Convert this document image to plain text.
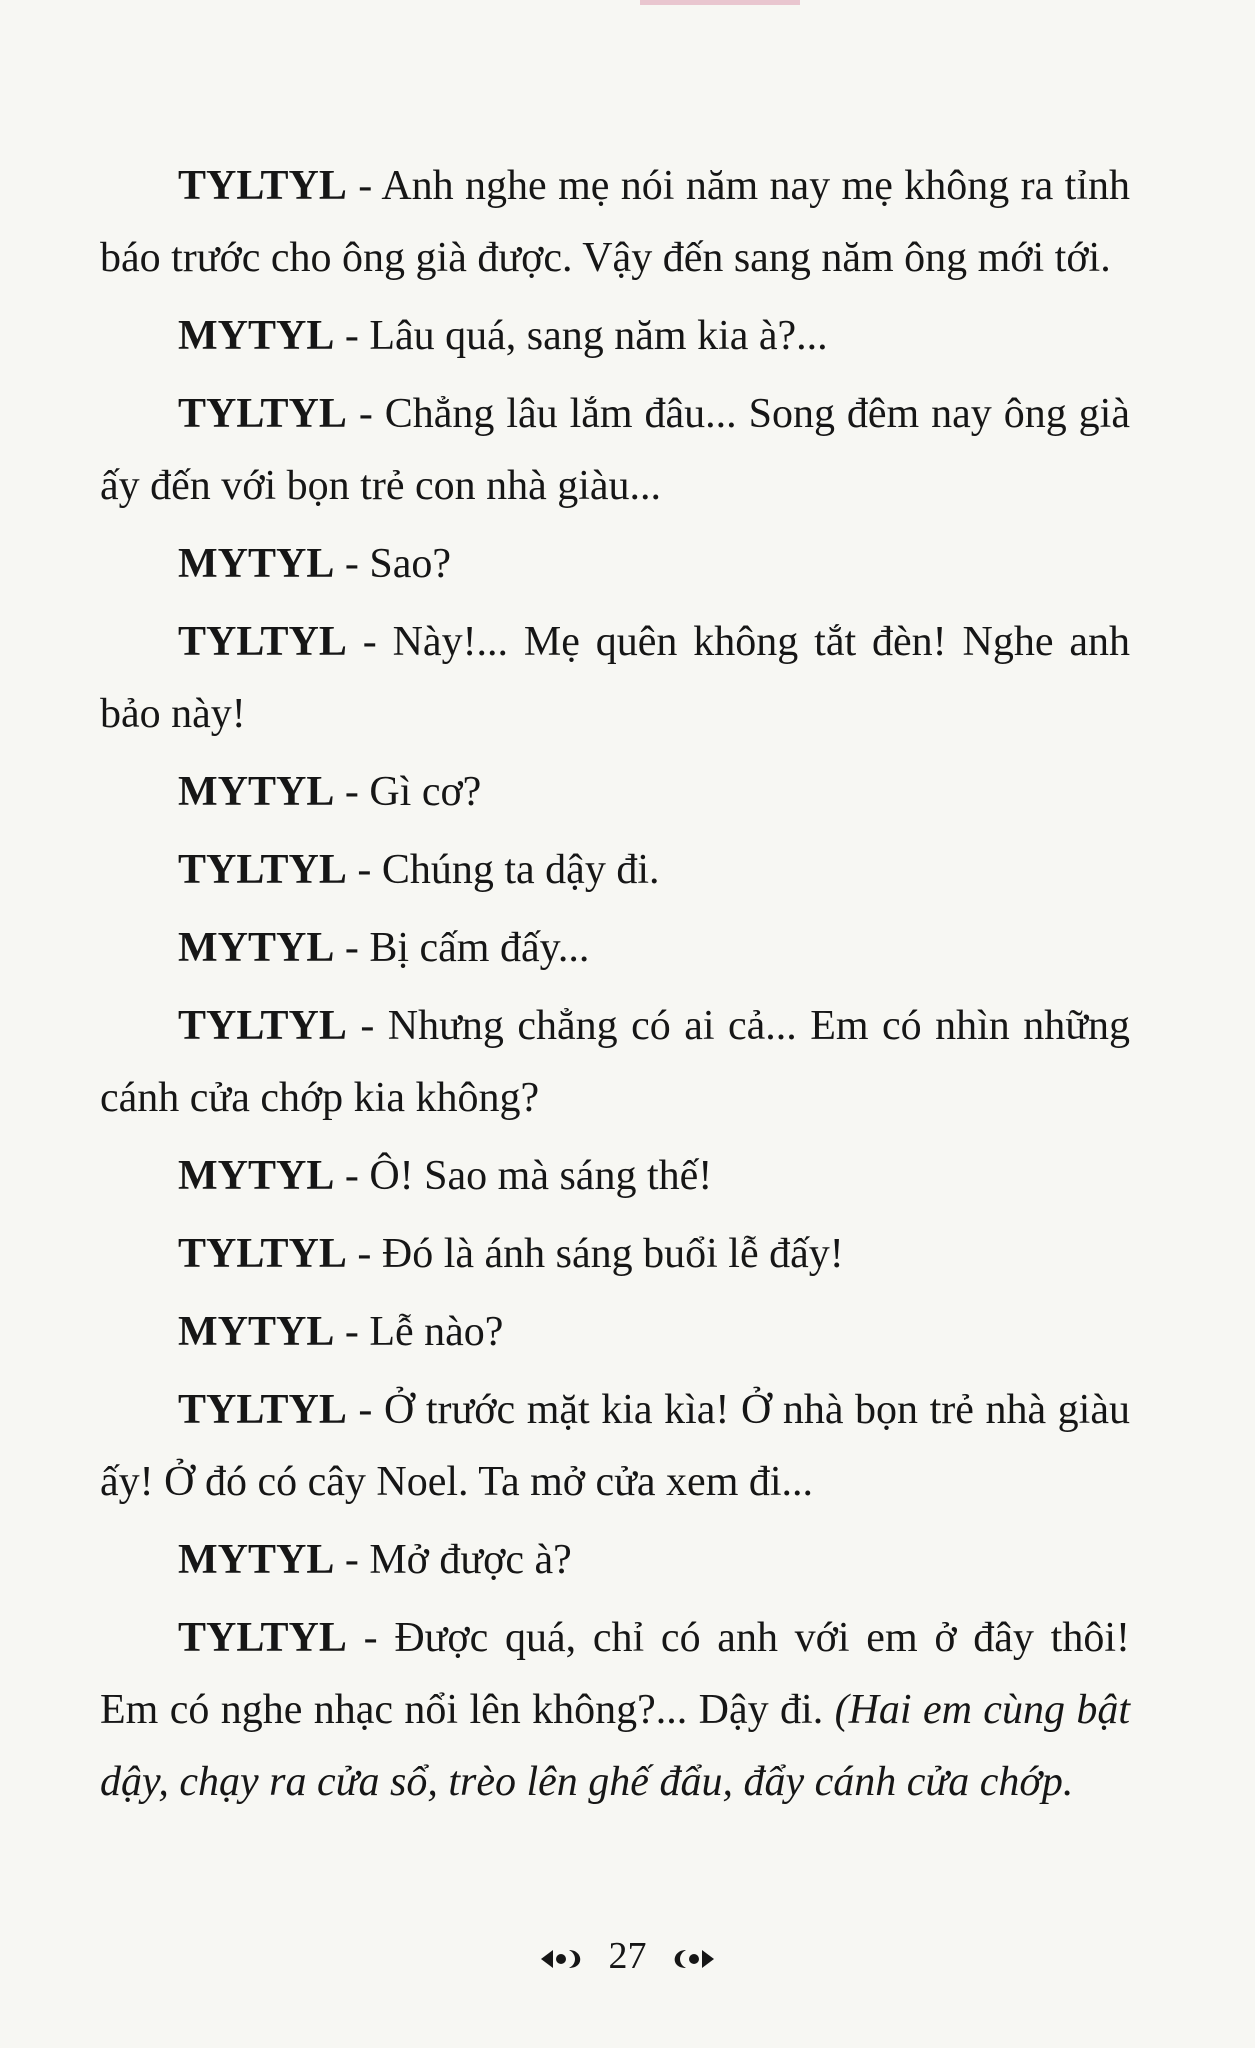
TYLTYL - Anh nghe mẹ nói năm nay mẹ không ra tỉnh báo trước cho ông già được. Vậy đến sang năm ông mới tới.

MYTYL - Lâu quá, sang năm kia à?...

TYLTYL - Chẳng lâu lắm đâu... Song đêm nay ông già ấy đến với bọn trẻ con nhà giàu...

MYTYL - Sao?

TYLTYL - Này!... Mẹ quên không tắt đèn! Nghe anh bảo này!

MYTYL - Gì cơ?

TYLTYL - Chúng ta dậy đi.

MYTYL - Bị cấm đấy...

TYLTYL - Nhưng chẳng có ai cả... Em có nhìn những cánh cửa chớp kia không?

MYTYL - Ô! Sao mà sáng thế!

TYLTYL - Đó là ánh sáng buổi lễ đấy!

MYTYL - Lễ nào?

TYLTYL - Ở trước mặt kia kìa! Ở nhà bọn trẻ nhà giàu ấy! Ở đó có cây Noel. Ta mở cửa xem đi...

MYTYL - Mở được à?

TYLTYL - Được quá, chỉ có anh với em ở đây thôi! Em có nghe nhạc nổi lên không?... Dậy đi. (Hai em cùng bật dậy, chạy ra cửa sổ, trèo lên ghế đẩu, đẩy cánh cửa chớp.

27
